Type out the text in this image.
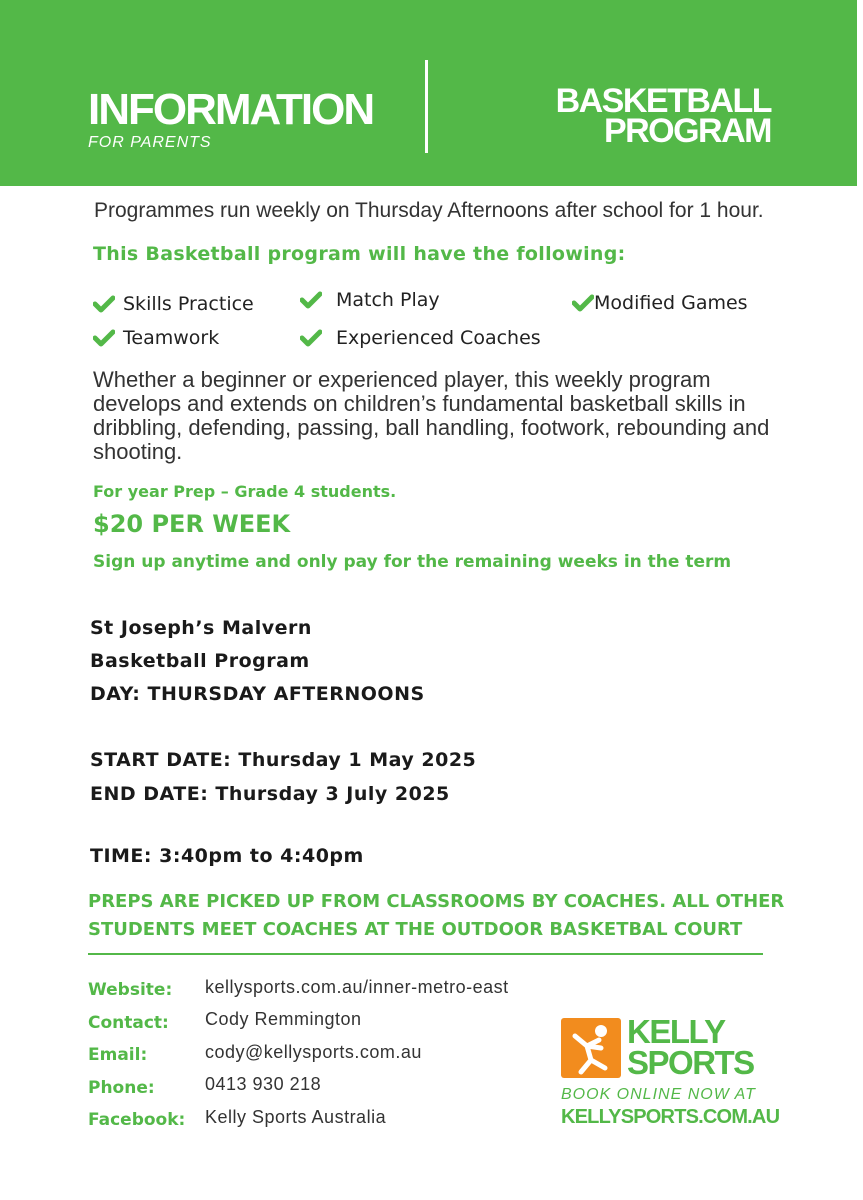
INFORMATION
FOR PARENTS
BASKETBALL
PROGRAM
Programmes run weekly on Thursday Afternoons after school for 1 hour.
This Basketball program will have the following:
Skills Practice	Match Play	Modified Games
Teamwork	Experienced Coaches
Whether a beginner or experienced player, this weekly program develops and extends on children’s fundamental basketball skills in dribbling, defending, passing, ball handling, footwork, rebounding and shooting.
For year Prep – Grade 4 students.
$20 PER WEEK
Sign up anytime and only pay for the remaining weeks in the term
St Joseph’s Malvern
Basketball Program
DAY: THURSDAY AFTERNOONS
START DATE: Thursday 1 May 2025
END DATE: Thursday 3 July 2025
TIME: 3:40pm to 4:40pm
PREPS ARE PICKED UP FROM CLASSROOMS BY COACHES. ALL OTHER STUDENTS MEET COACHES AT THE OUTDOOR BASKETBAL COURT
Website: kellysports.com.au/inner-metro-east
Contact: Cody Remmington
Email:	cody@kellysports.com.au
Phone:	0413 930 218
Facebook: Kelly Sports Australia
KELLY
SPORTS
BOOK ONLINE NOW AT
KELLYSPORTS.COM.AU
